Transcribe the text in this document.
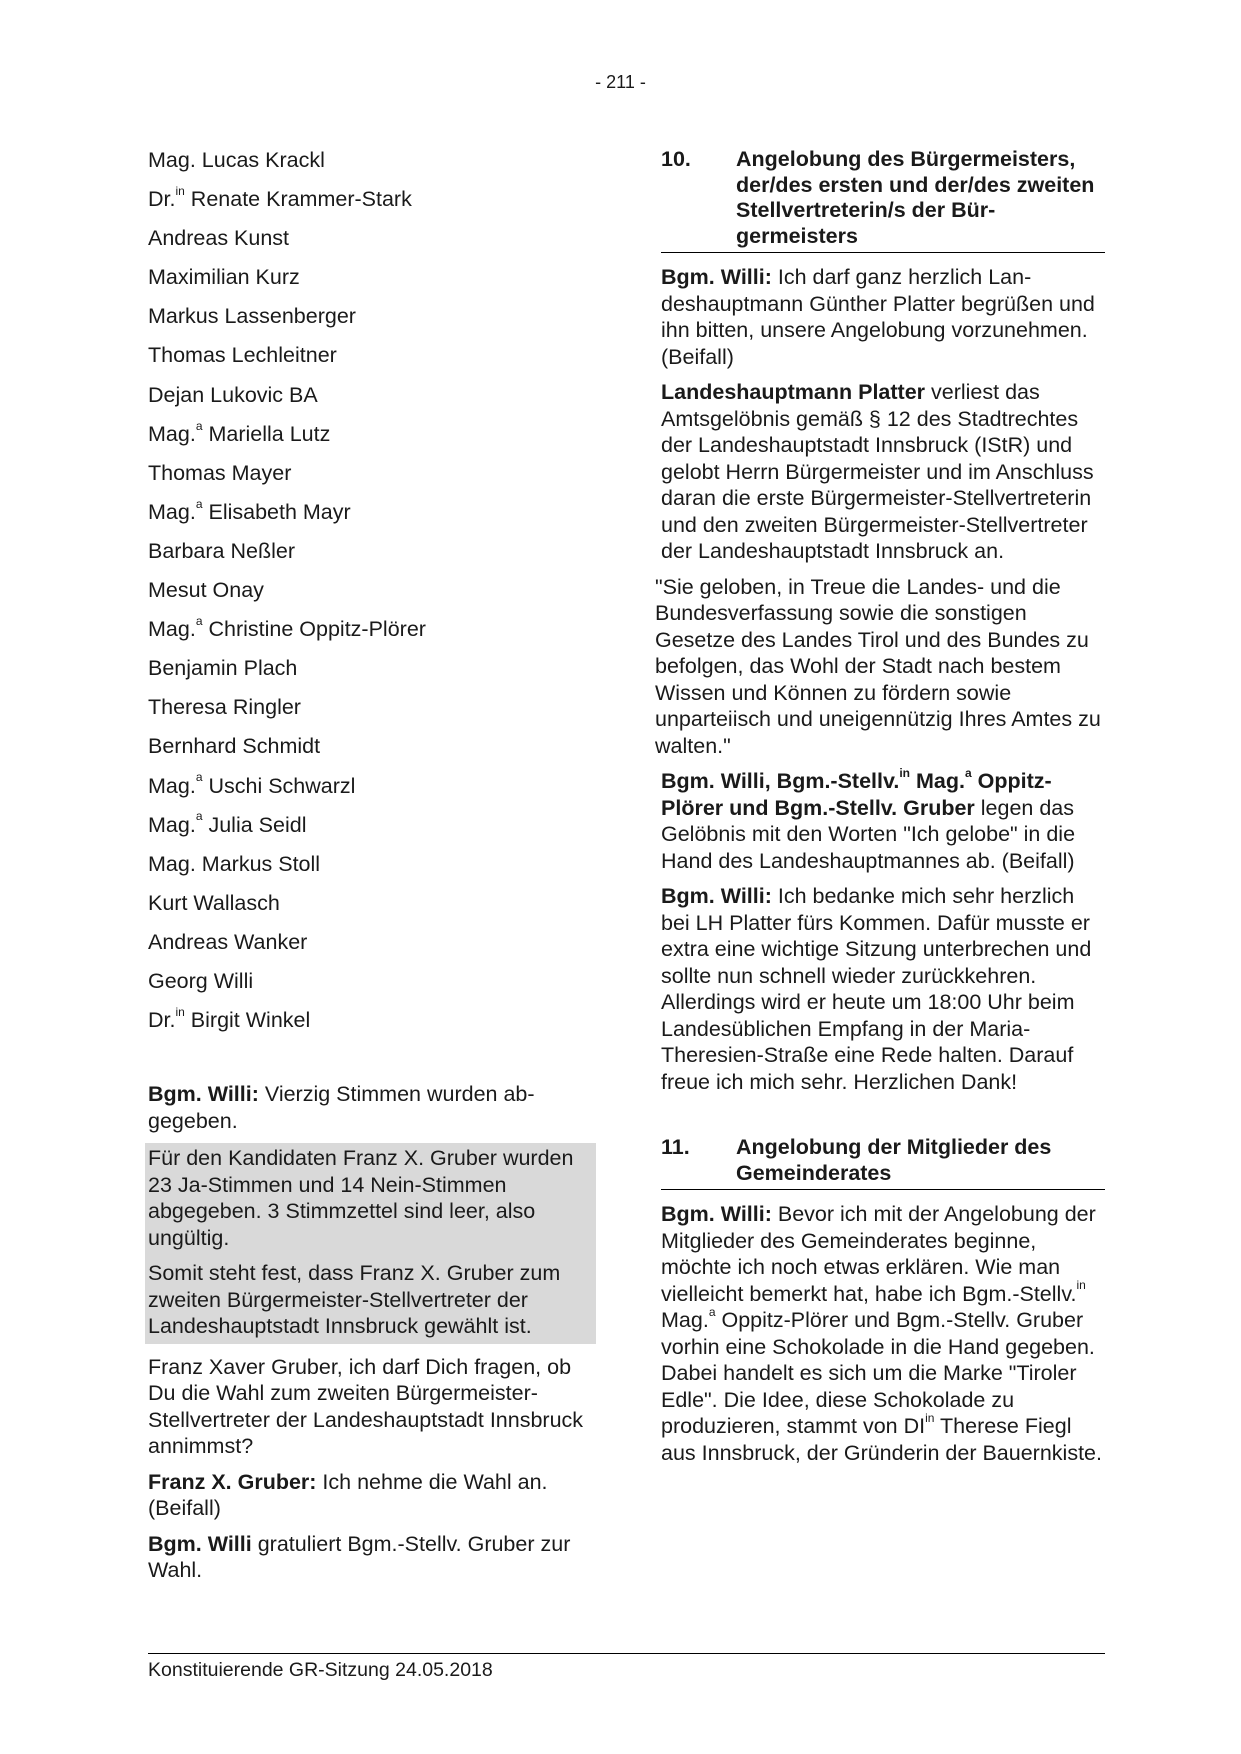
- 211 -
Mag. Lucas Krackl
Dr.$^{in}$ Renate Krammer-Stark
Andreas Kunst
Maximilian Kurz
Markus Lassenberger
Thomas Lechleitner
Dejan Lukovic BA
Mag.$^a$ Mariella Lutz
Thomas Mayer
Mag.$^a$ Elisabeth Mayr
Barbara Neßler
Mesut Onay
Mag.$^a$ Christine Oppitz-Plörer
Benjamin Plach
Theresa Ringler
Bernhard Schmidt
Mag.$^a$ Uschi Schwarzl
Mag.$^a$ Julia Seidl
Mag. Markus Stoll
Kurt Wallasch
Andreas Wanker
Georg Willi
Dr.$^{in}$ Birgit Winkel

Bgm. Willi: Vierzig Stimmen wurden abgegeben.

Für den Kandidaten Franz X. Gruber wurden 23 Ja-Stimmen und 14 Nein-Stimmen abgegeben. 3 Stimmzettel sind leer, also ungültig.

Somit steht fest, dass Franz X. Gruber zum zweiten Bürgermeister-Stellvertreter der Landeshauptstadt Innsbruck gewählt ist.

Franz Xaver Gruber, ich darf Dich fragen, ob Du die Wahl zum zweiten Bürgermeister-Stellvertreter der Landeshauptstadt Innsbruck annimmst?

Franz X. Gruber: Ich nehme die Wahl an. (Beifall)

Bgm. Willi gratuliert Bgm.-Stellv. Gruber zur Wahl.

10.	Angelobung des Bürgermeisters, der/des ersten und der/des zweiten Stellvertreterin/s der Bürgermeisters

Bgm. Willi: Ich darf ganz herzlich Landeshauptmann Günther Platter begrüßen und ihn bitten, unsere Angelobung vorzunehmen. (Beifall)

Landeshauptmann Platter verliest das Amtsgelöbnis gemäß § 12 des Stadtrechtes der Landeshauptstadt Innsbruck (IStR) und gelobt Herrn Bürgermeister und im Anschluss daran die erste Bürgermeister-Stellvertreterin und den zweiten Bürgermeister-Stellvertreter der Landeshauptstadt Innsbruck an.

"Sie geloben, in Treue die Landes- und die Bundesverfassung sowie die sonstigen Gesetze des Landes Tirol und des Bundes zu befolgen, das Wohl der Stadt nach bestem Wissen und Können zu fördern sowie unparteiisch und uneigennützig Ihres Amtes zu walten."

Bgm. Willi, Bgm.-Stellv.$^{in}$ Mag.$^a$ Oppitz-Plörer und Bgm.-Stellv. Gruber legen das Gelöbnis mit den Worten "Ich gelobe" in die Hand des Landeshauptmannes ab. (Beifall)

Bgm. Willi: Ich bedanke mich sehr herzlich bei LH Platter fürs Kommen. Dafür musste er extra eine wichtige Sitzung unterbrechen und sollte nun schnell wieder zurückkehren. Allerdings wird er heute um 18:00 Uhr beim Landesüblichen Empfang in der Maria-Theresien-Straße eine Rede halten. Darauf freue ich mich sehr. Herzlichen Dank!

11.	Angelobung der Mitglieder des Gemeinderates

Bgm. Willi: Bevor ich mit der Angelobung der Mitglieder des Gemeinderates beginne, möchte ich noch etwas erklären. Wie man vielleicht bemerkt hat, habe ich Bgm.-Stellv.$^{in}$ Mag.$^a$ Oppitz-Plörer und Bgm.-Stellv. Gruber vorhin eine Schokolade in die Hand gegeben. Dabei handelt es sich um die Marke "Tiroler Edle". Die Idee, diese Schokolade zu produzieren, stammt von $DI^{in}$ Therese Fiegl aus Innsbruck, der Gründerin der Bauernkiste.

Konstituierende GR-Sitzung 24.05.2018
